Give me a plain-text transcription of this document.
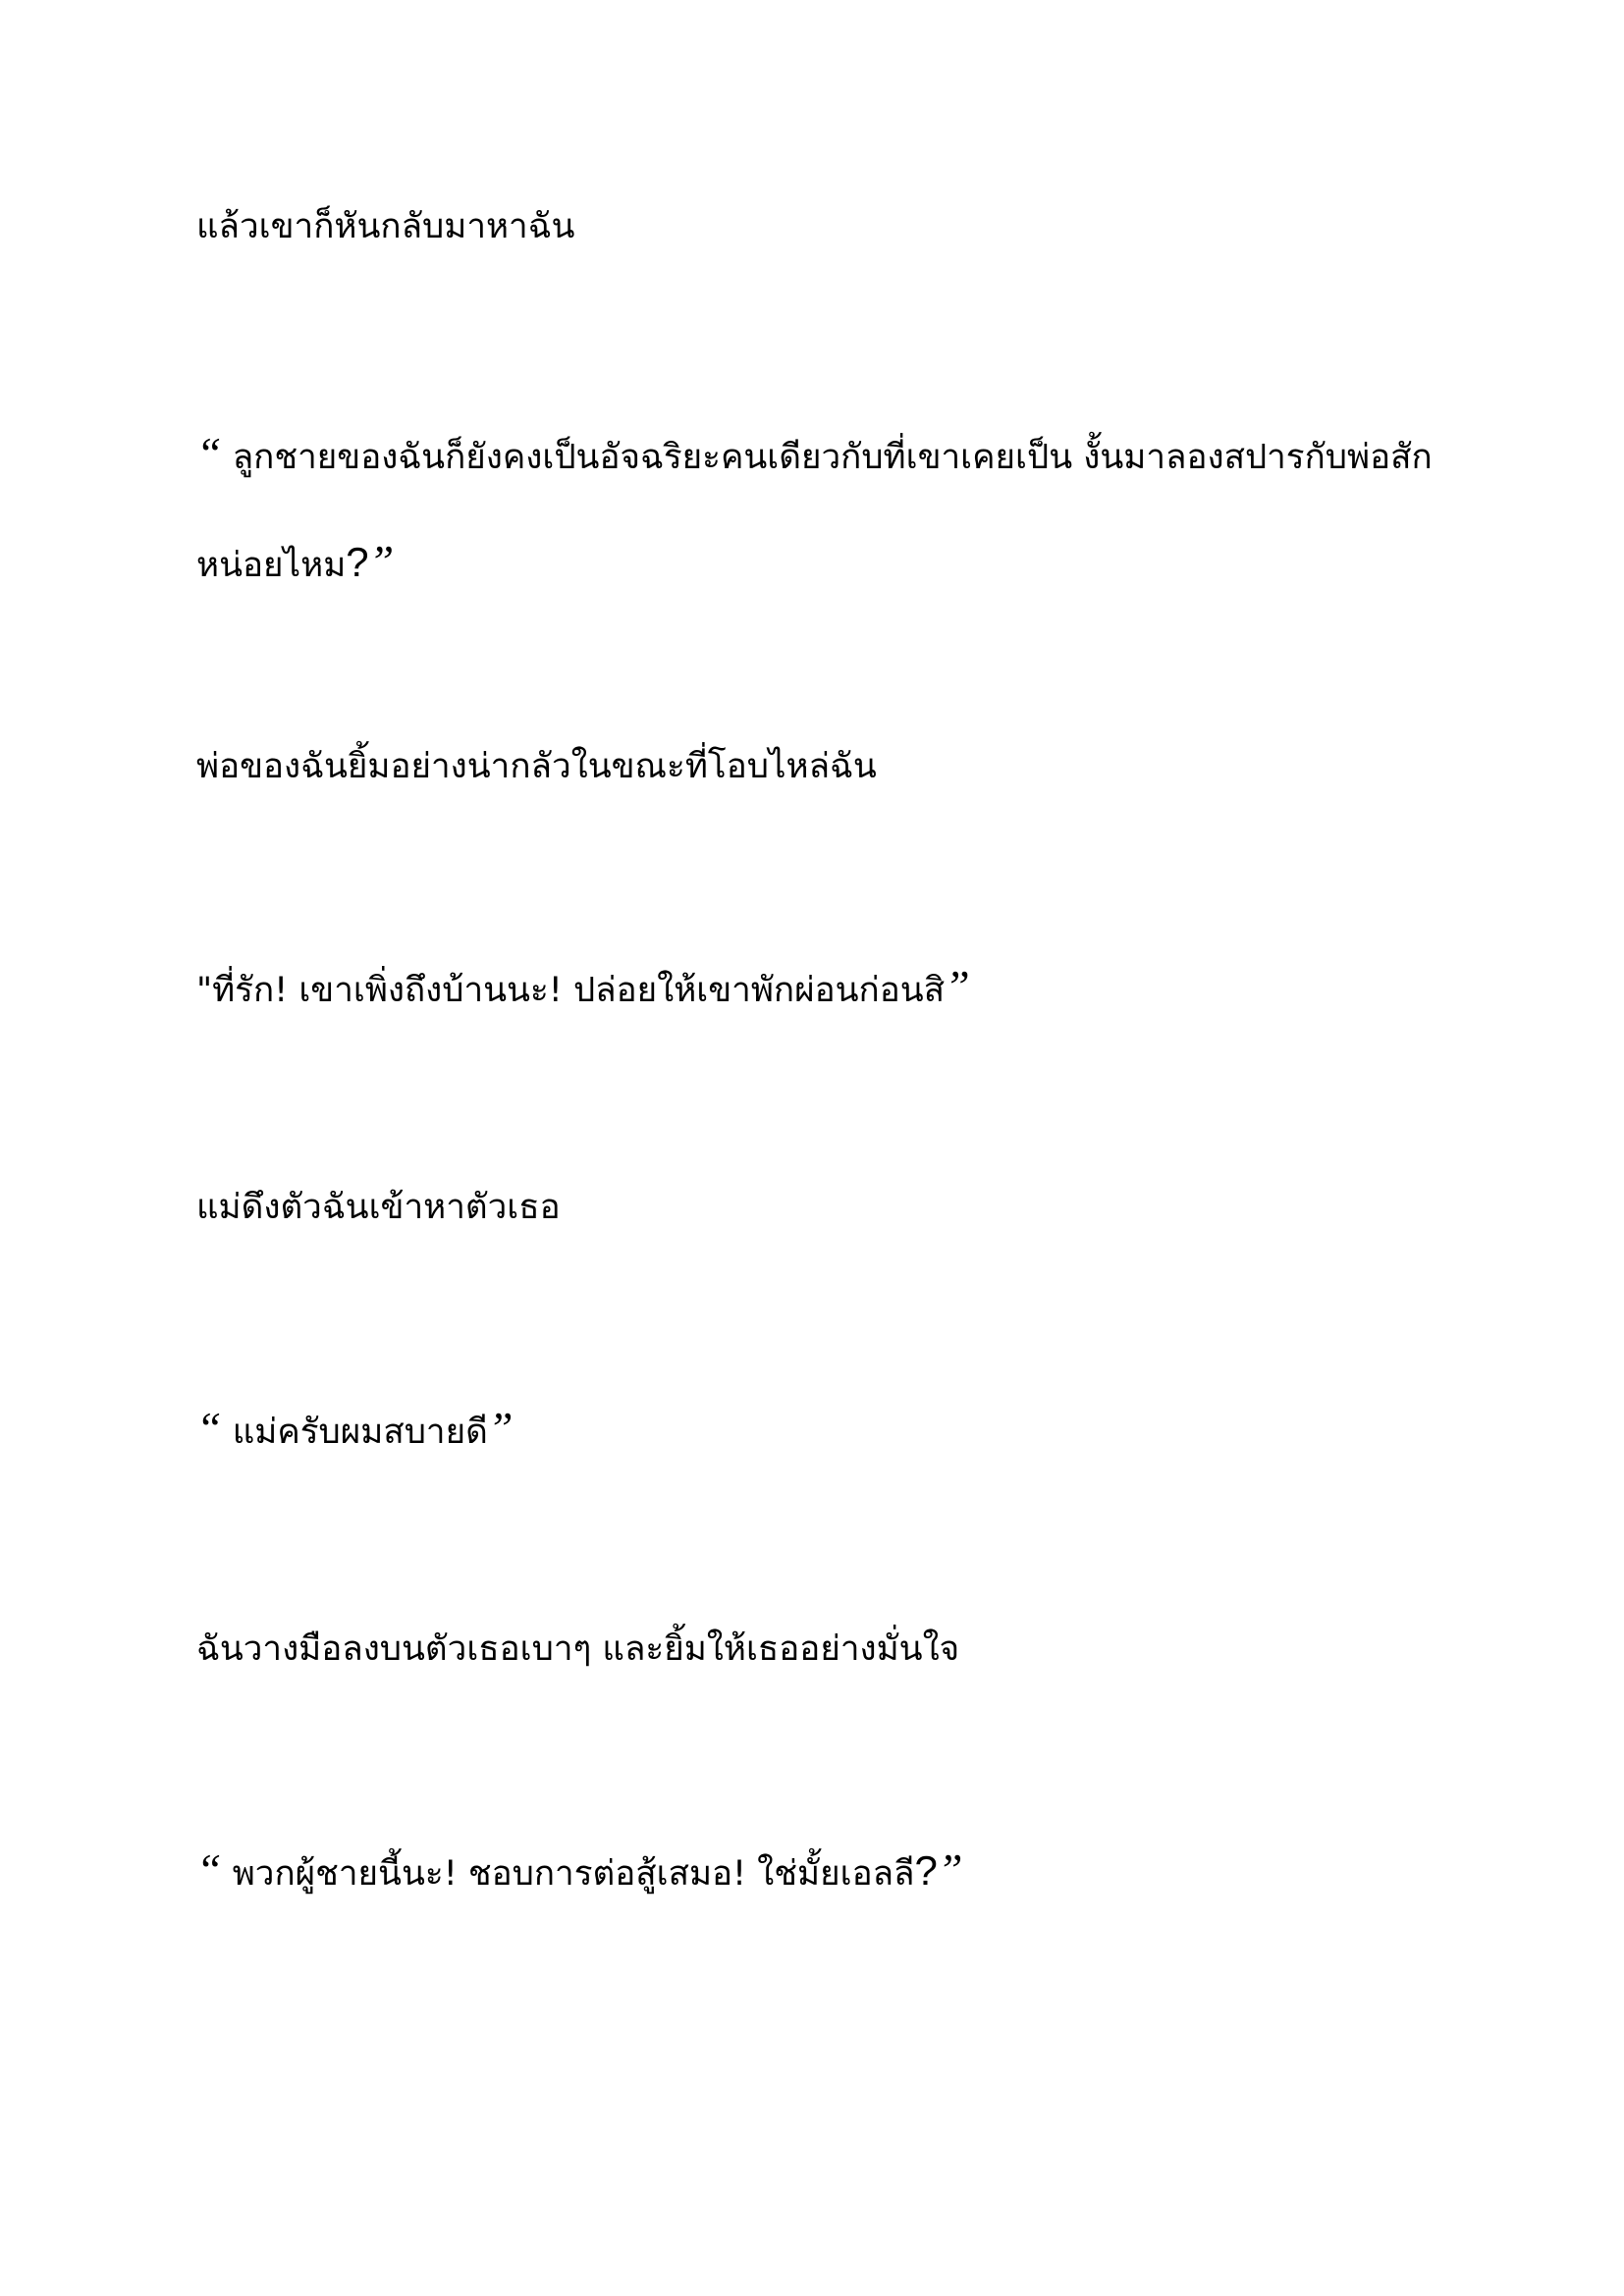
แล้วเขาก็หันกลับมาหาฉัน

“ ลูกชายของฉันก็ยังคงเป็นอัจฉริยะคนเดียวกับที่เขาเคยเป็น งั้นมาลองสปารกับพ่อสักหน่อยไหม?”

พ่อของฉันยิ้มอย่างน่ากลัวในขณะที่โอบไหล่ฉัน

"ที่รัก! เขาเพิ่งถึงบ้านนะ! ปล่อยให้เขาพักผ่อนก่อนสิ”

แม่ดึงตัวฉันเข้าหาตัวเธอ

“ แม่ครับผมสบายดี”

ฉันวางมือลงบนตัวเธอเบาๆ และยิ้มให้เธออย่างมั่นใจ

“ พวกผู้ชายนี้นะ! ชอบการต่อสู้เสมอ! ใช่มั้ยเอลลี?”
